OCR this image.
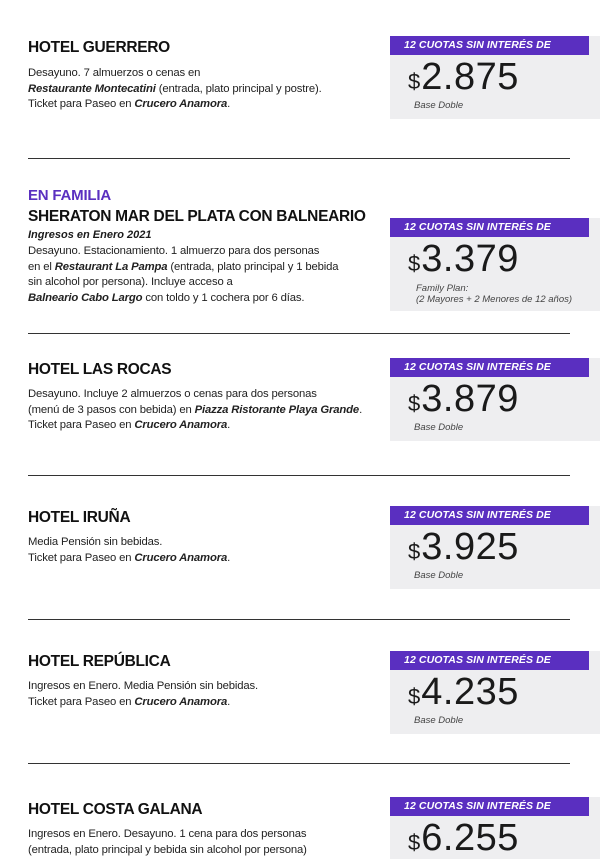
HOTEL GUERRERO
Desayuno. 7 almuerzos o cenas en
Restaurante Montecatini (entrada, plato principal y postre).
Ticket para Paseo en Crucero Anamora.
12 CUOTAS SIN INTERÉS DE
$2.875
Base Doble
EN FAMILIA
SHERATON MAR DEL PLATA CON BALNEARIO
Ingresos en Enero 2021
Desayuno. Estacionamiento. 1 almuerzo para dos personas
en el Restaurant La Pampa (entrada, plato principal y 1 bebida
sin alcohol por persona). Incluye acceso a
Balneario Cabo Largo con toldo y 1 cochera por 6 días.
12 CUOTAS SIN INTERÉS DE
$3.379
Family Plan:
(2 Mayores + 2 Menores de 12 años)
HOTEL LAS ROCAS
Desayuno. Incluye 2 almuerzos o cenas para dos personas
(menú de 3 pasos con bebida) en Piazza Ristorante Playa Grande.
Ticket para Paseo en Crucero Anamora.
12 CUOTAS SIN INTERÉS DE
$3.879
Base Doble
HOTEL IRUÑA
Media Pensión sin bebidas.
Ticket para Paseo en Crucero Anamora.
12 CUOTAS SIN INTERÉS DE
$3.925
Base Doble
HOTEL REPÚBLICA
Ingresos en Enero. Media Pensión sin bebidas.
Ticket para Paseo en Crucero Anamora.
12 CUOTAS SIN INTERÉS DE
$4.235
Base Doble
HOTEL COSTA GALANA
Ingresos en Enero. Desayuno. 1 cena para dos personas
(entrada, plato principal y bebida sin alcohol por persona)
12 CUOTAS SIN INTERÉS DE
$6.255
